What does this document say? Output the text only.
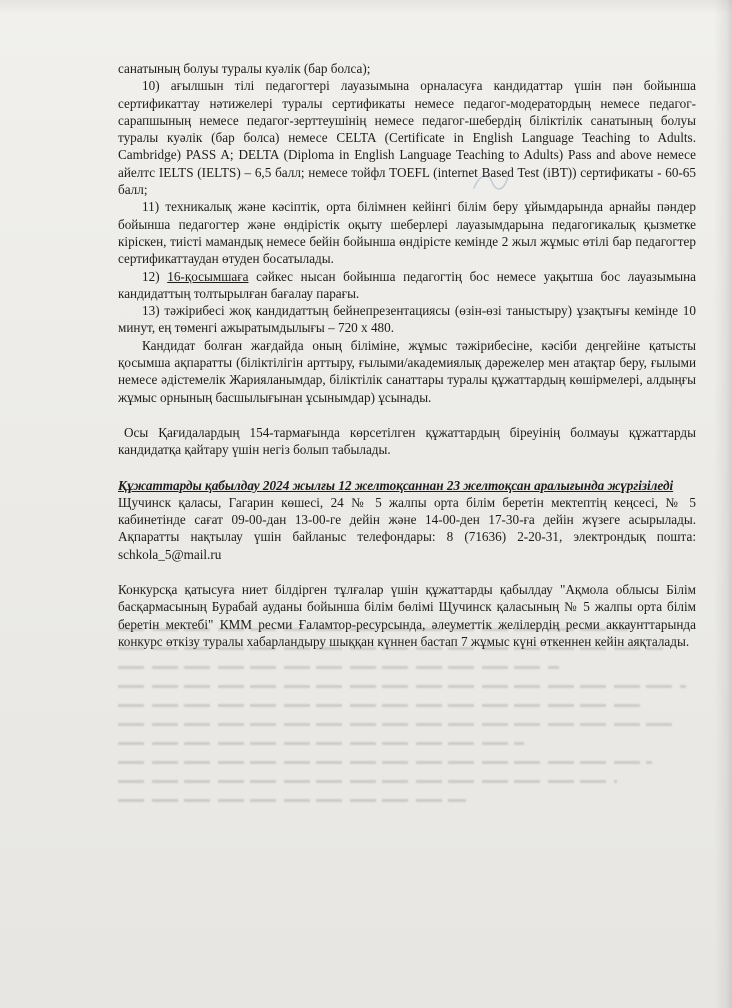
санатының болуы туралы куәлік (бар болса);

10) ағылшын тілі педагогтері лауазымына орналасуға кандидаттар үшін пән бойынша сертификаттау нәтижелері туралы сертификаты немесе педагог-модератордың немесе педагог-сарапшының немесе педагог-зерттеушінің немесе педагог-шебердің біліктілік санатының болуы туралы куәлік (бар болса) немесе CELTA (Certificate in English Language Teaching to Adults. Cambridge) PASS A; DELTA (Diploma in English Language Teaching to Adults) Pass and above немесе айелтс IELTS (IELTS) – 6,5 балл; немесе тойфл TOEFL (internet Based Test (iBT)) сертификаты - 60-65 балл;

11) техникалық және кәсіптік, орта білімнен кейінгі білім беру ұйымдарында арнайы пәндер бойынша педагогтер және өндірістік оқыту шеберлері лауазымдарына педагогикалық қызметке кіріскен, тиісті мамандық немесе бейін бойынша өндірісте кемінде 2 жыл жұмыс өтілі бар педагогтер сертификаттаудан өтуден босатылады.

12) 16-қосымшаға сәйкес нысан бойынша педагогтің бос немесе уақытша бос лауазымына кандидаттың толтырылған бағалау парағы.

13) тәжірибесі жоқ кандидаттың бейнепрезентациясы (өзін-өзі таныстыру) ұзақтығы кемінде 10 минут, ең төменгі ажыратымдылығы – 720 x 480.

Кандидат болған жағдайда оның біліміне, жұмыс тәжірибесіне, кәсіби деңгейіне қатысты қосымша ақпаратты (біліктілігін арттыру, ғылыми/академиялық дәрежелер мен атақтар беру, ғылыми немесе әдістемелік Жарияланымдар, біліктілік санаттары туралы құжаттардың көшірмелері, алдыңғы жұмыс орнының басшылығынан ұсынымдар) ұсынады.

Осы Қағидалардың 154-тармағында көрсетілген құжаттардың біреуінің болмауы құжаттарды кандидатқа қайтару үшін негіз болып табылады.

Құжаттарды қабылдау 2024 жылғы 12 желтоқсаннан 23 желтоқсан аралығында жүргізіледі

Щучинск қаласы, Гагарин көшесі, 24 № 5 жалпы орта білім беретін мектептің кеңсесі, № 5 кабинетінде сағат 09-00-дан 13-00-ге дейін және 14-00-ден 17-30-ға дейін жүзеге асырылады. Ақпаратты нақтылау үшін байланыс телефондары: 8 (71636) 2-20-31, электрондық пошта: schkola_5@mail.ru

Конкурсқа қатысуға ниет білдірген тұлғалар үшін құжаттарды қабылдау "Ақмола облысы Білім басқармасының Бурабай ауданы бойынша білім бөлімі Щучинск қаласының № 5 жалпы орта білім беретін мектебі" КММ ресми Ғаламтор-ресурсында, әлеуметтік желілердің ресми аккаунттарында конкурс өткізу туралы хабарландыру шыққан күннен бастап 7 жұмыс күні өткеннен кейін аяқталады.
